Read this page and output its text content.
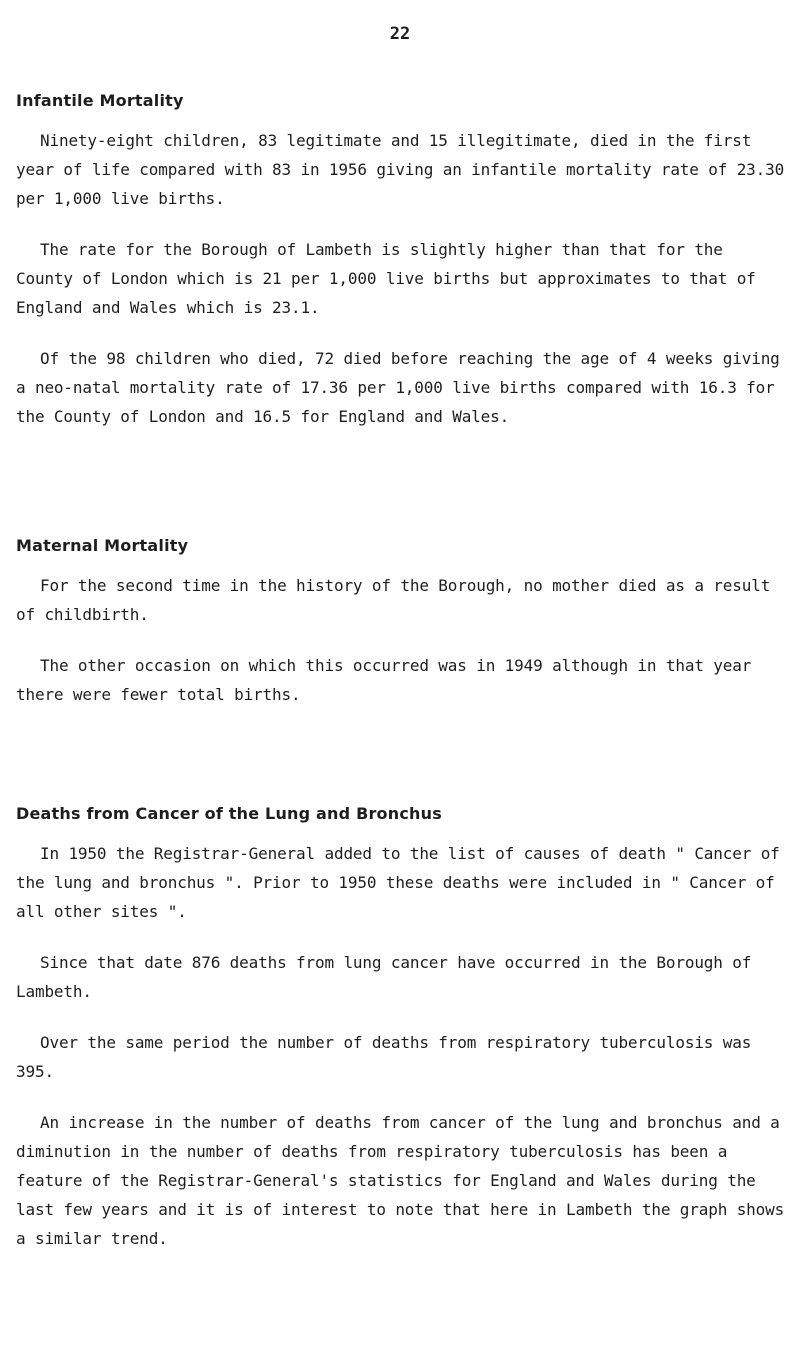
22
Infantile Mortality

Ninety-eight children, 83 legitimate and 15 illegitimate, died in the first year of life compared with 83 in 1956 giving an infantile mortality rate of 23.30 per 1,000 live births.

The rate for the Borough of Lambeth is slightly higher than that for the County of London which is 21 per 1,000 live births but approximates to that of England and Wales which is 23.1.

Of the 98 children who died, 72 died before reaching the age of 4 weeks giving a neo-natal mortality rate of 17.36 per 1,000 live births compared with 16.3 for the County of London and 16.5 for England and Wales.

Maternal Mortality

For the second time in the history of the Borough, no mother died as a result of childbirth.

The other occasion on which this occurred was in 1949 although in that year there were fewer total births.

Deaths from Cancer of the Lung and Bronchus

In 1950 the Registrar-General added to the list of causes of death " Cancer of the lung and bronchus ". Prior to 1950 these deaths were included in " Cancer of all other sites ".

Since that date 876 deaths from lung cancer have occurred in the Borough of Lambeth.

Over the same period the number of deaths from respiratory tuberculosis was 395.

An increase in the number of deaths from cancer of the lung and bronchus and a diminution in the number of deaths from respiratory tuberculosis has been a feature of the Registrar-General's statistics for England and Wales during the last few years and it is of interest to note that here in Lambeth the graph shows a similar trend.
